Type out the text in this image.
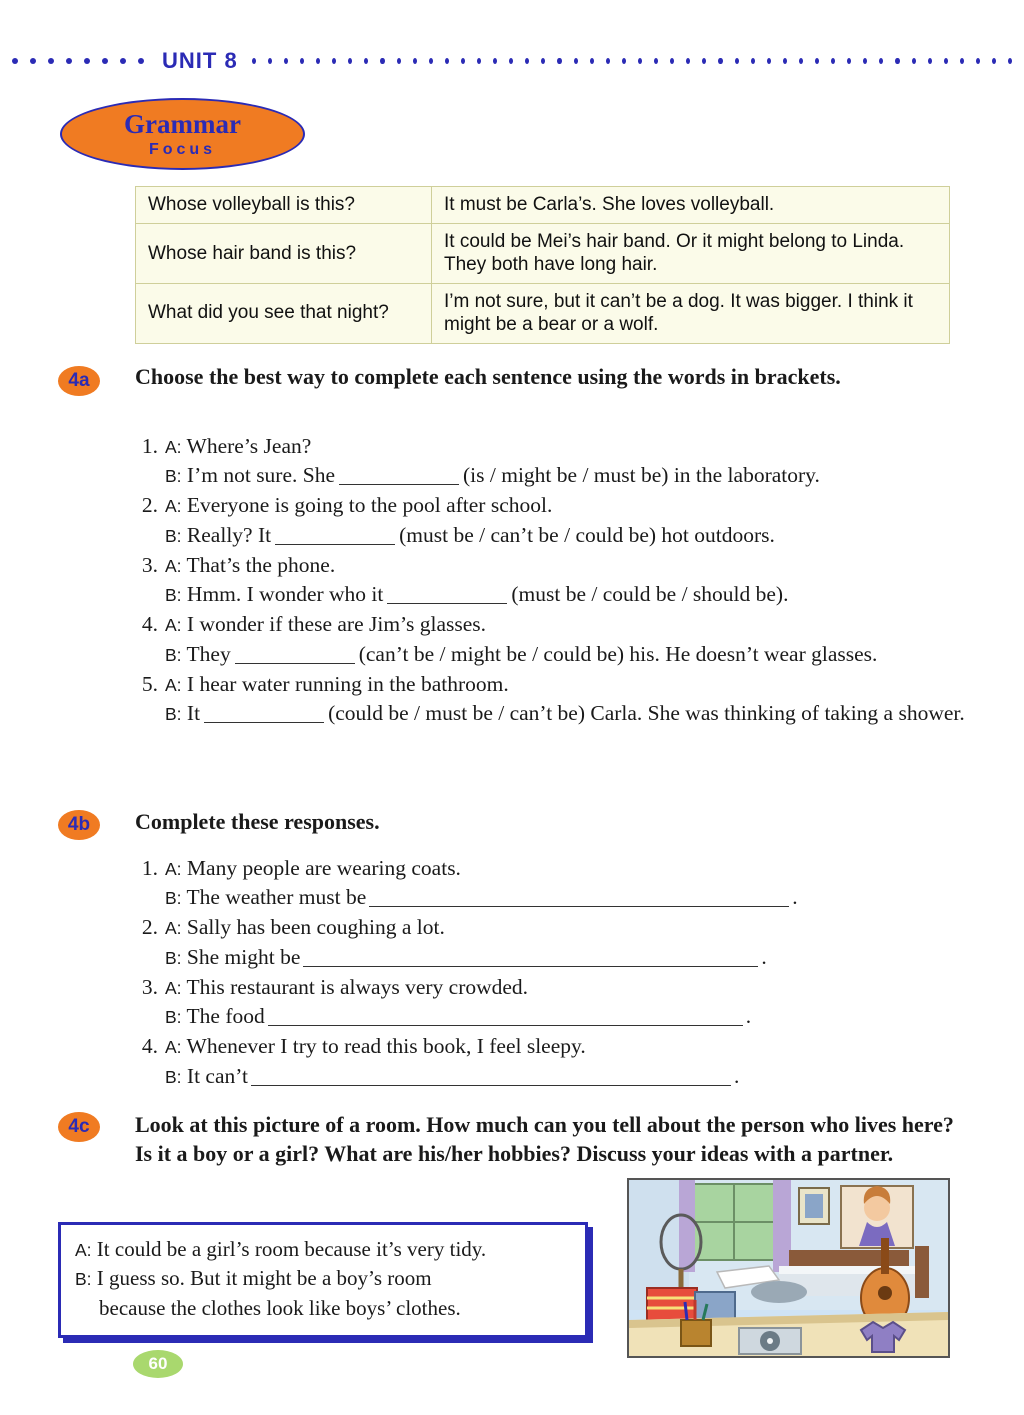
UNIT 8
Grammar
Focus
Whose volleyball is this?	It must be Carla’s. She loves volleyball.
Whose hair band is this?	It could be Mei’s hair band. Or it might belong to Linda. They both have long hair.
What did you see that night?	I’m not sure, but it can’t be a dog. It was bigger. I think it might be a bear or a wolf.
4a	Choose the best way to complete each sentence using the words in brackets.
1. A: Where’s Jean?
B: I’m not sure. She	(is / might be / must be) in the laboratory.
2. A: Everyone is going to the pool after school.
B: Really? It	(must be / can’t be / could be) hot outdoors.
3. A: That’s the phone.
B: Hmm. I wonder who it	(must be / could be / should be).
4. A: I wonder if these are Jim’s glasses.
B: They	(can’t be / might be / could be) his. He doesn’t wear glasses.
5. A: I hear water running in the bathroom.
B: It	(could be / must be / can’t be) Carla. She was thinking of taking a shower.
4b	Complete these responses.
1. A: Many people are wearing coats.
B: The weather must be	.
2. A: Sally has been coughing a lot.
B: She might be	.
3. A: This restaurant is always very crowded.
B: The food	.
4. A: Whenever I try to read this book, I feel sleepy.
B: It can’t	.
4c	Look at this picture of a room. How much can you tell about the person who lives here? Is it a boy or a girl? What are his/her hobbies? Discuss your ideas with a partner.
A: It could be a girl’s room because it’s very tidy.
B: I guess so. But it might be a boy’s room
because the clothes look like boys’ clothes.
60
